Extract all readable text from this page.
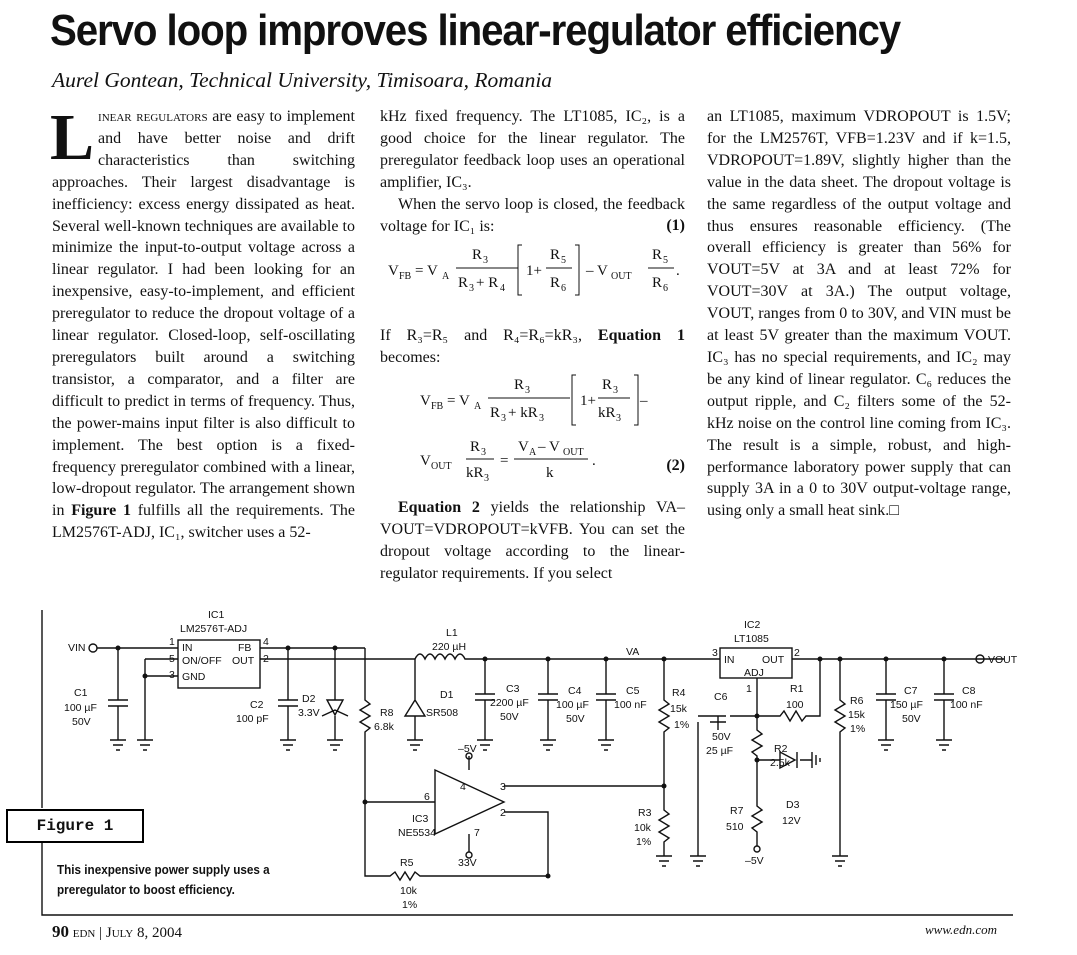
Servo loop improves linear-regulator efficiency
Aurel Gontean, Technical University, Timisoara, Romania

Linear regulators are easy to implement and have better noise and drift characteristics than switching approaches. Their largest disadvantage is inefficiency: excess energy dissipated as heat. Several well-known techniques are available to minimize the input-to-output voltage across a linear regulator. I had been looking for an inexpensive, easy-to-implement, and efficient preregulator to reduce the dropout voltage of a linear regulator. Closed-loop, self-oscillating preregulators built around a switching transistor, a comparator, and a filter are difficult to predict in terms of frequency. Thus, the power-mains input filter is also difficult to implement. The best option is a fixed-frequency preregulator combined with a linear, low-dropout regulator. The arrangement shown in Figure 1 fulfills all the requirements. The LM2576T-ADJ, IC₁, switcher uses a 52-

kHz fixed frequency. The LT1085, IC₂, is a good choice for the linear regulator. The preregulator feedback loop uses an operational amplifier, IC₃.

When the servo loop is closed, the feedback voltage for IC₁ is:	(1)
V FB = V A
R 3
R 3 + R 4
1+
R 5
R 6
– V OUT
R 5
R 6
.

If R₃=R₅ and R₄=R₆=kR₃, Equation 1 becomes:

V FB = V A
R 3
R 3 + kR 3
1+
R 3
kR 3
–
V OUT
R 3
kR 3
=
V A – V OUT
k
.	(2)

Equation 2 yields the relationship VA–VOUT=VDROPOUT=kVFB. You can set the dropout voltage according to the linear-regulator requirements. If you select

an LT1085, maximum VDROPOUT is 1.5V; for the LM2576T, VFB=1.23V and if k=1.5, VDROPOUT=1.89V, slightly higher than the value in the data sheet. The dropout voltage is the same regardless of the output voltage and thus ensures reasonable efficiency. (The overall efficiency is greater than 56% for VOUT=5V at 3A and at least 72% for VOUT=30V at 3A.) The output voltage, VOUT, ranges from 0 to 30V, and VIN must be at least 5V greater than the maximum VOUT. IC₃ has no special requirements, and IC₂ may be any kind of linear regulator. C₆ reduces the output ripple, and C₂ filters some of the 52-kHz noise on the control line coming from IC₃. The result is a simple, robust, and high-performance laboratory power supply that can supply 3A in a 0 to 30V output-voltage range, using only a small heat sink.□

VIN
VOUT
VA
IC1
LM2576T-ADJ
IN	FB
ON/OFF OUT
GND
1	4
5	2
3
C1
100 µF
50V
C2
100 pF
D2
3.3V	R8
6.8k
L1
220 µH
D1
SR508
C3
2200 µF
50V
C4
100 µF
50V
C5
100 nF
R4
15k
1%
R3
10k
1%
R5
10k
1%
IC3
NE5534
6
4	3
2
7
–5V
33V
IC2
LT1085
IN	OUT
ADJ
3	2
1
C6
50V
25 µF
R1
100
R2
2.5k
D3
12V
R7
510
–5V
R6
15k
1%
C7
150 µF
50V
C8
100 nF
Figure 1
This inexpensive power supply uses a preregulator to boost efficiency.
90 edn | July 8, 2004	www.edn.com
